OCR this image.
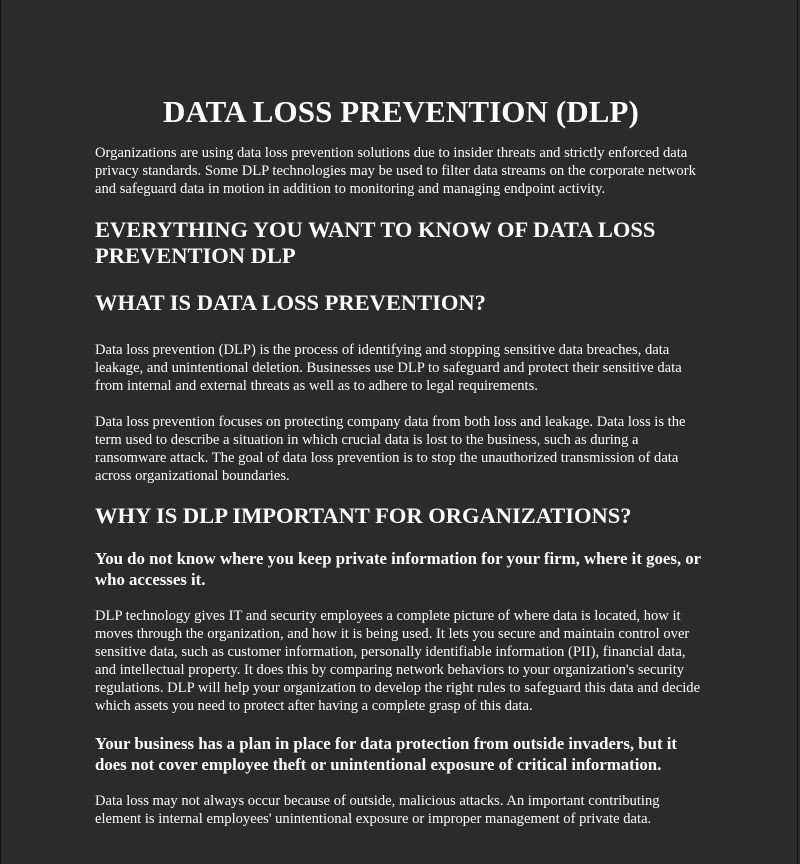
DATA LOSS PREVENTION (DLP)

Organizations are using data loss prevention solutions due to insider threats and strictly enforced data privacy standards. Some DLP technologies may be used to filter data streams on the corporate network and safeguard data in motion in addition to monitoring and managing endpoint activity.

EVERYTHING YOU WANT TO KNOW OF DATA LOSS PREVENTION DLP
WHAT IS DATA LOSS PREVENTION?

Data loss prevention (DLP) is the process of identifying and stopping sensitive data breaches, data leakage, and unintentional deletion. Businesses use DLP to safeguard and protect their sensitive data from internal and external threats as well as to adhere to legal requirements.

Data loss prevention focuses on protecting company data from both loss and leakage. Data loss is the term used to describe a situation in which crucial data is lost to the business, such as during a ransomware attack. The goal of data loss prevention is to stop the unauthorized transmission of data across organizational boundaries.

WHY IS DLP IMPORTANT FOR ORGANIZATIONS?
You do not know where you keep private information for your firm, where it goes, or who accesses it.

DLP technology gives IT and security employees a complete picture of where data is located, how it moves through the organization, and how it is being used. It lets you secure and maintain control over sensitive data, such as customer information, personally identifiable information (PII), financial data, and intellectual property. It does this by comparing network behaviors to your organization's security regulations. DLP will help your organization to develop the right rules to safeguard this data and decide which assets you need to protect after having a complete grasp of this data.

Your business has a plan in place for data protection from outside invaders, but it does not cover employee theft or unintentional exposure of critical information.

Data loss may not always occur because of outside, malicious attacks. An important contributing element is internal employees' unintentional exposure or improper management of private data.
